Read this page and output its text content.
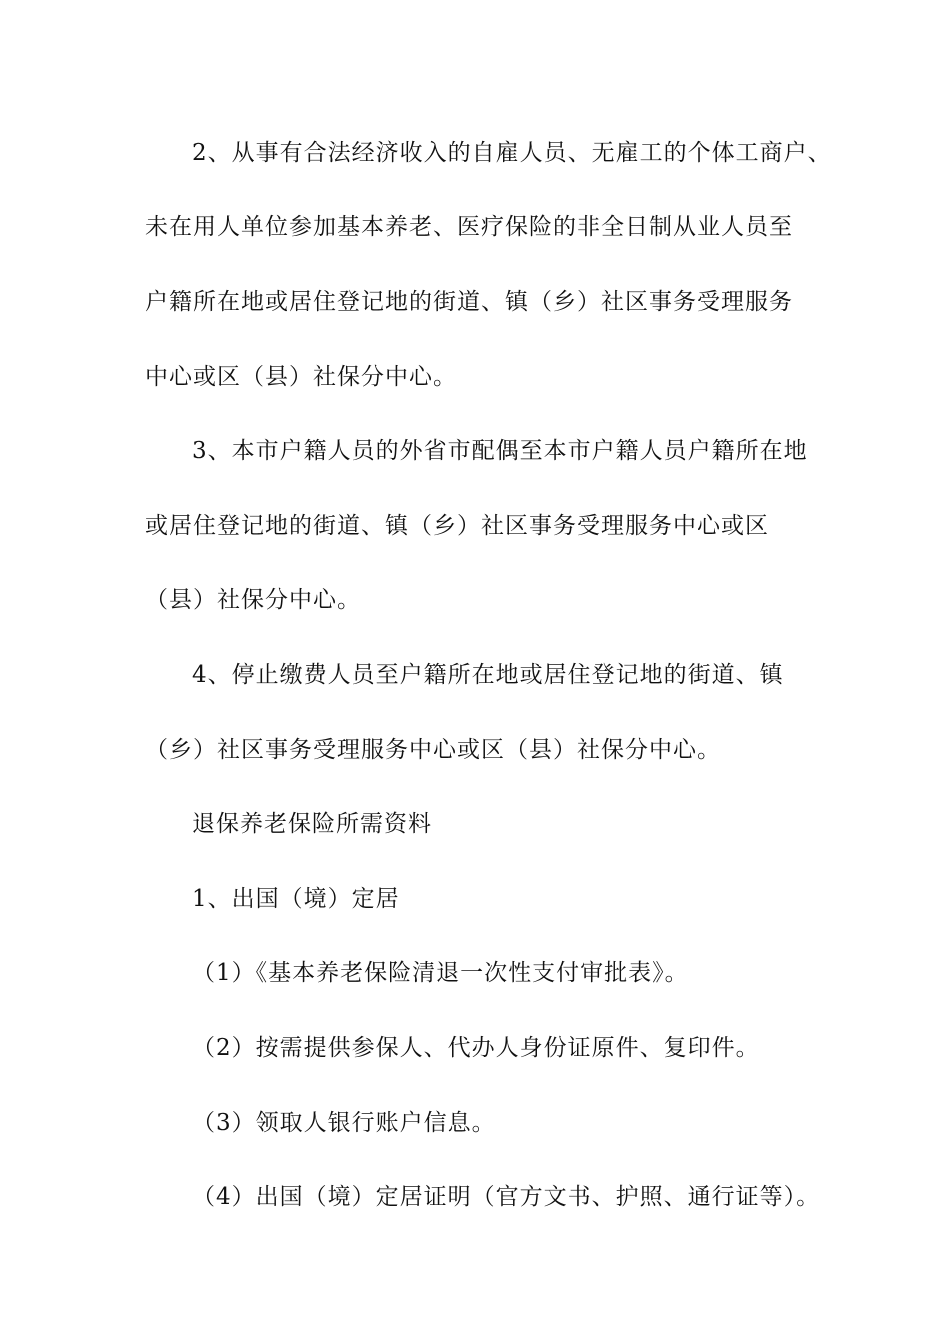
2、从事有合法经济收入的自雇人员、无雇工的个体工商户、
未在用人单位参加基本养老、医疗保险的非全日制从业人员至
户籍所在地或居住登记地的街道、镇（乡）社区事务受理服务
中心或区（县）社保分中心。
3、本市户籍人员的外省市配偶至本市户籍人员户籍所在地
或居住登记地的街道、镇（乡）社区事务受理服务中心或区
（县）社保分中心。
4、停止缴费人员至户籍所在地或居住登记地的街道、镇
（乡）社区事务受理服务中心或区（县）社保分中心。
退保养老保险所需资料
1、出国（境）定居
（1）《基本养老保险清退一次性支付审批表》。
（2）按需提供参保人、代办人身份证原件、复印件。
（3）领取人银行账户信息。
（4）出国（境）定居证明（官方文书、护照、通行证等）。
